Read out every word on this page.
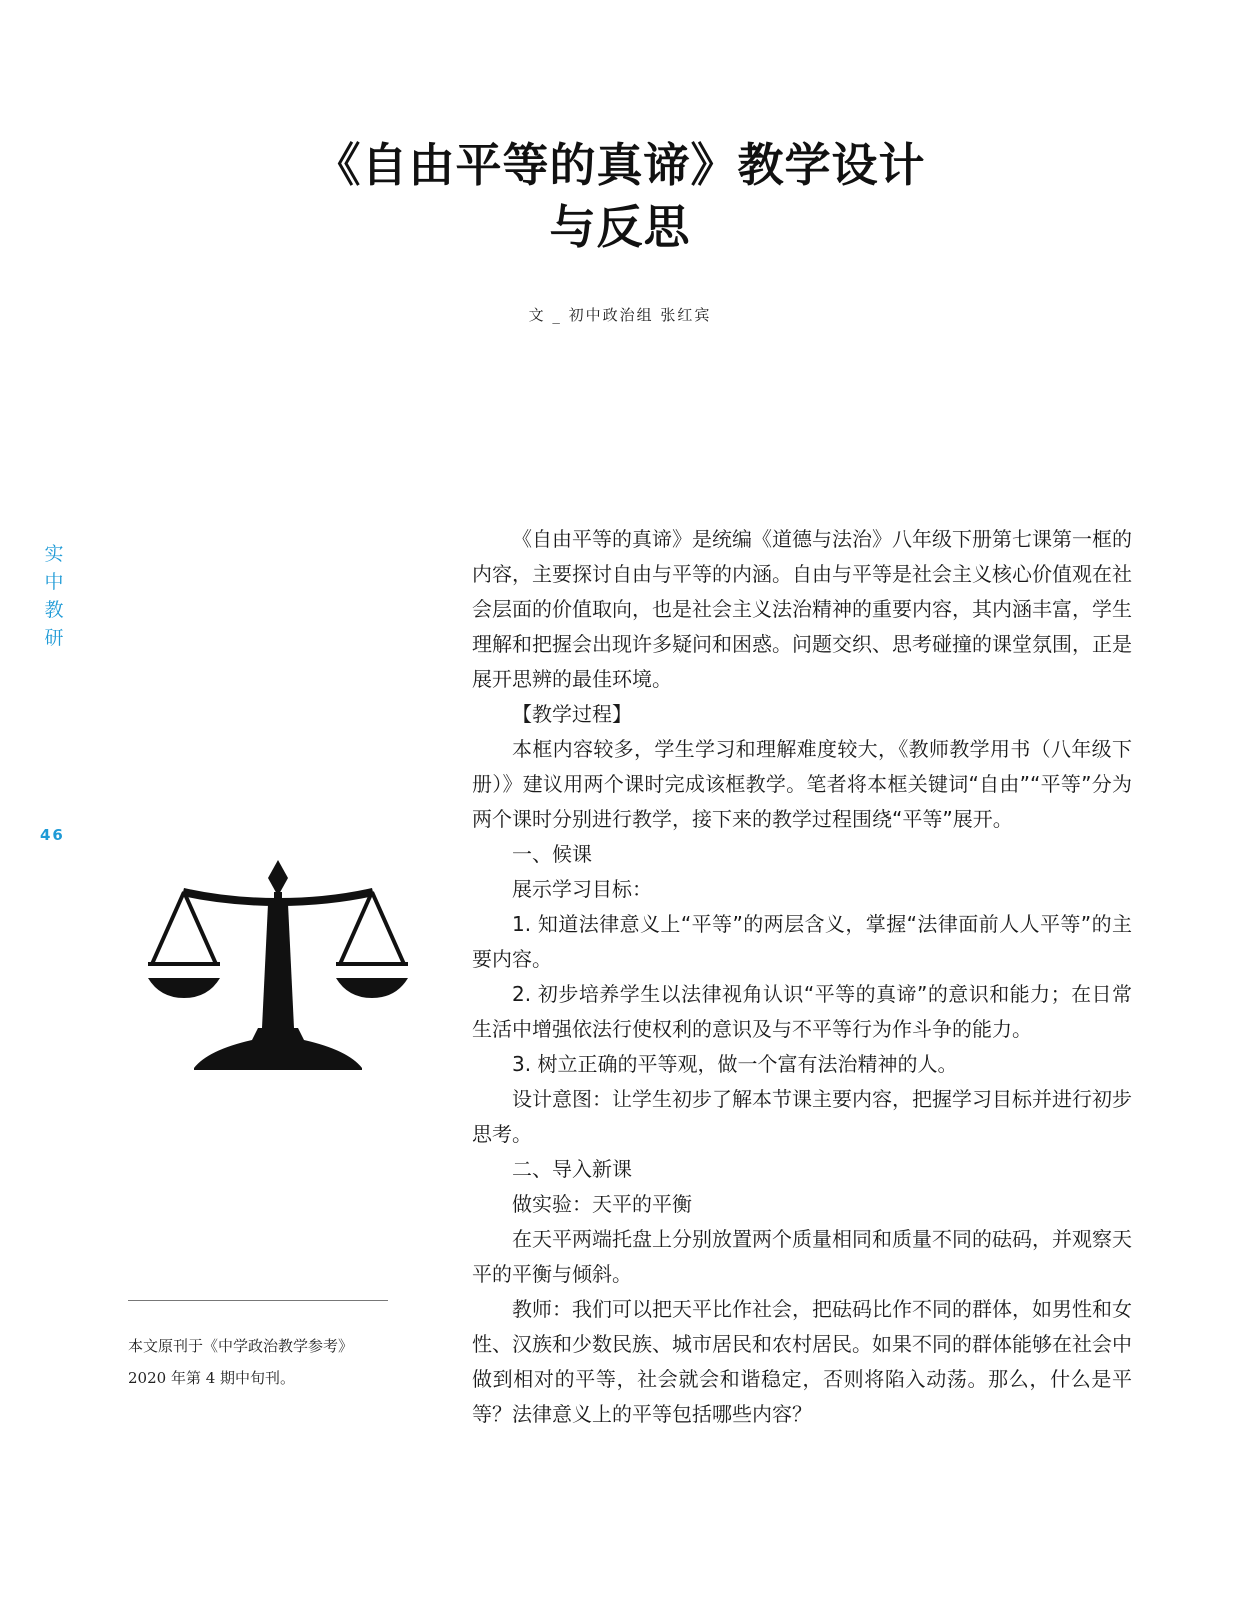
《自由平等的真谛》教学设计
与反思
文 _ 初中政治组 张红宾
实
中
教
研
46
本文原刊于《中学政治教学参考》
2020 年第 4 期中旬刊。

《自由平等的真谛》是统编《道德与法治》八年级下册第七课第一框的内容，主要探讨自由与平等的内涵。自由与平等是社会主义核心价值观在社会层面的价值取向，也是社会主义法治精神的重要内容，其内涵丰富，学生理解和把握会出现许多疑问和困惑。问题交织、思考碰撞的课堂氛围，正是展开思辨的最佳环境。

【教学过程】

本框内容较多，学生学习和理解难度较大，《教师教学用书（八年级下册）》建议用两个课时完成该框教学。笔者将本框关键词“自由”“平等”分为两个课时分别进行教学，接下来的教学过程围绕“平等”展开。

一、候课

展示学习目标：

1. 知道法律意义上“平等”的两层含义，掌握“法律面前人人平等”的主要内容。

2. 初步培养学生以法律视角认识“平等的真谛”的意识和能力；在日常生活中增强依法行使权利的意识及与不平等行为作斗争的能力。

3. 树立正确的平等观，做一个富有法治精神的人。

设计意图：让学生初步了解本节课主要内容，把握学习目标并进行初步思考。

二、导入新课

做实验：天平的平衡

在天平两端托盘上分别放置两个质量相同和质量不同的砝码，并观察天平的平衡与倾斜。

教师：我们可以把天平比作社会，把砝码比作不同的群体，如男性和女性、汉族和少数民族、城市居民和农村居民。如果不同的群体能够在社会中做到相对的平等，社会就会和谐稳定，否则将陷入动荡。那么，什么是平等？法律意义上的平等包括哪些内容？
